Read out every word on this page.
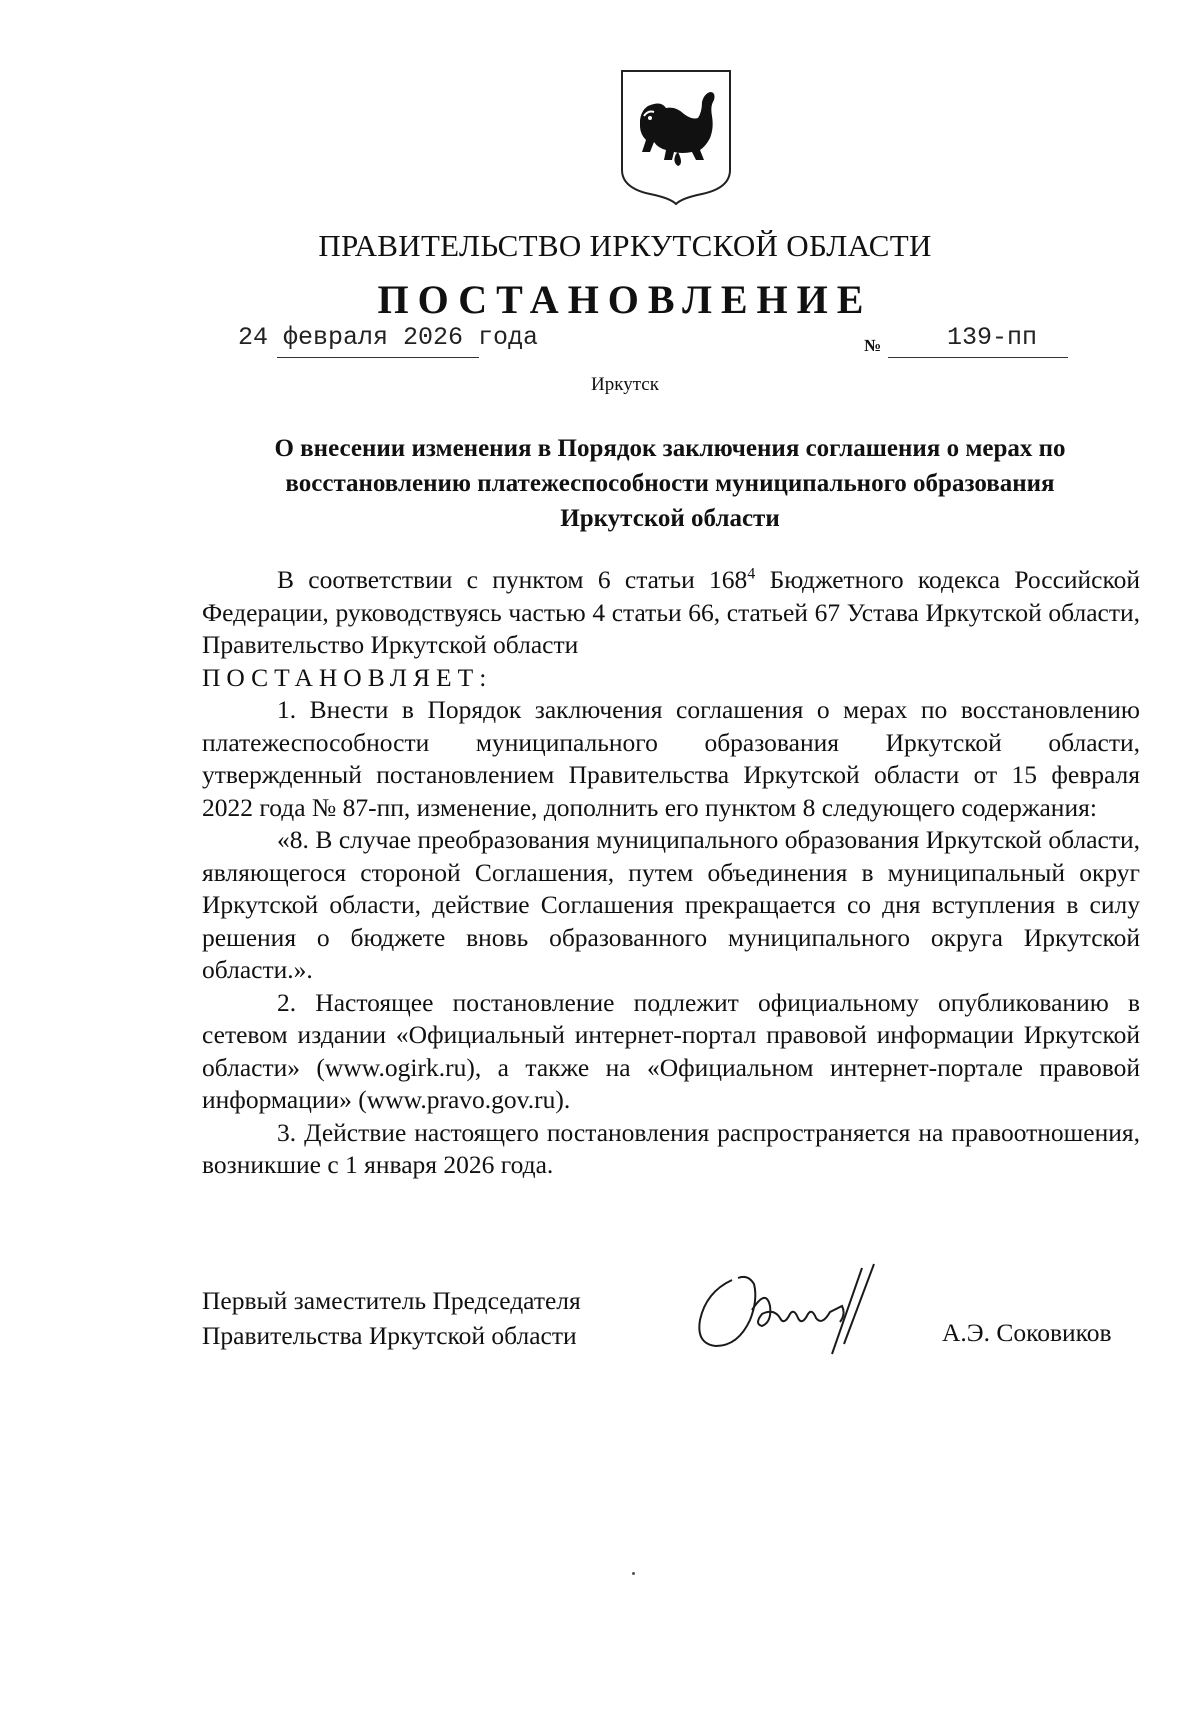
ПРАВИТЕЛЬСТВО ИРКУТСКОЙ ОБЛАСТИ
ПОСТАНОВЛЕНИЕ
24 февраля 2026 года	№	139-пп
Иркутск
О внесении изменения в Порядок заключения соглашения о мерах по
восстановлению платежеспособности муниципального образования
Иркутской области

В соответствии с пунктом 6 статьи $168^4$ Бюджетного кодекса Российской Федерации, руководствуясь частью 4 статьи 66, статьей 67 Устава Иркутской области, Правительство Иркутской области

ПОСТАНОВЛЯЕТ:

1. Внести в Порядок заключения соглашения о мерах по восстановлению платежеспособности муниципального образования Иркутской области, утвержденный постановлением Правительства Иркутской области от 15 февраля 2022 года № 87-пп, изменение, дополнить его пунктом 8 следующего содержания:

«8. В случае преобразования муниципального образования Иркутской области, являющегося стороной Соглашения, путем объединения в муниципальный округ Иркутской области, действие Соглашения прекращается со дня вступления в силу решения о бюджете вновь образованного муниципального округа Иркутской области.».

2. Настоящее постановление подлежит официальному опубликованию в сетевом издании «Официальный интернет-портал правовой информации Иркутской области» (www.ogirk.ru), а также на «Официальном интернет-портале правовой информации» (www.pravo.gov.ru).

3. Действие настоящего постановления распространяется на правоотношения, возникшие с 1 января 2026 года.

Первый заместитель Председателя
Правительства Иркутской области	А.Э. Соковиков
